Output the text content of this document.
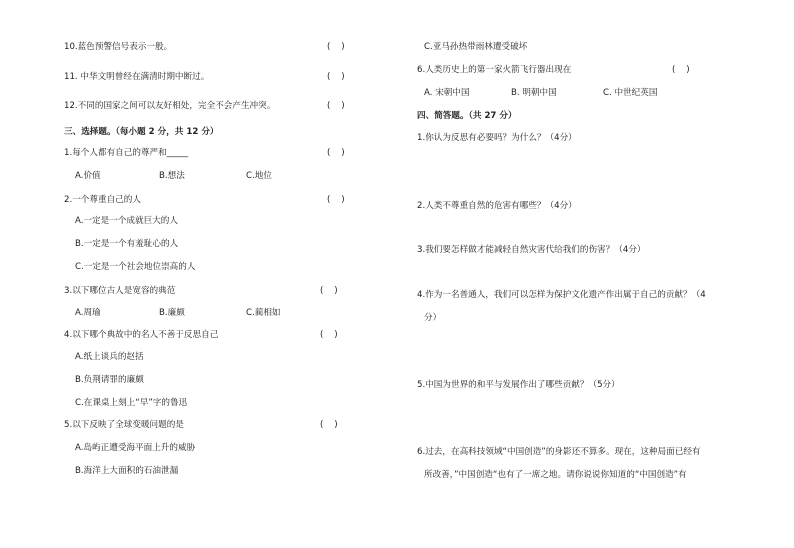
10.蓝色预警信号表示一般。	(    )
11. 中华文明曾经在满清时期中断过。	(    )
12.不同的国家之间可以友好相处，完全不会产生冲突。	(    )
三、选择题。（每小题 2 分，共 12 分）
1.每个人都有自己的尊严和_____	(    )
A.价值	B.想法	C.地位
2.一个尊重自己的人	(    )
A.一定是一个成就巨大的人
B.一定是一个有羞耻心的人
C.一定是一个社会地位崇高的人
3.以下哪位古人是宽容的典范	(    )
A.周瑜	B.廉颇	C.蔺相如
4.以下哪个典故中的名人不善于反思自己	(    )
A.纸上谈兵的赵括
B.负荆请罪的廉颇
C.在课桌上刻上“早”字的鲁迅
5.以下反映了全球变暖问题的是	(    )
A.岛屿正遭受海平面上升的威胁
B.海洋上大面积的石油泄漏
C.亚马孙热带雨林遭受破坏
6.人类历史上的第一家火箭飞行器出现在	(    )
A. 宋朝中国	B. 明朝中国	C. 中世纪英国
四、简答题。（共 27 分）
1.你认为反思有必要吗？为什么？（4分）
2.人类不尊重自然的危害有哪些？（4分）
3.我们要怎样做才能减轻自然灾害代给我们的伤害？（4分）
4.作为一名普通人，我们可以怎样为保护文化遗产作出属于自己的贡献？（4
分）
5.中国为世界的和平与发展作出了哪些贡献？（5分）
6.过去，在高科技领域“中国创造”的身影还不算多。现在，这种局面已经有
所改善，”中国创造“也有了一席之地。请你说说你知道的“中国创造”有
